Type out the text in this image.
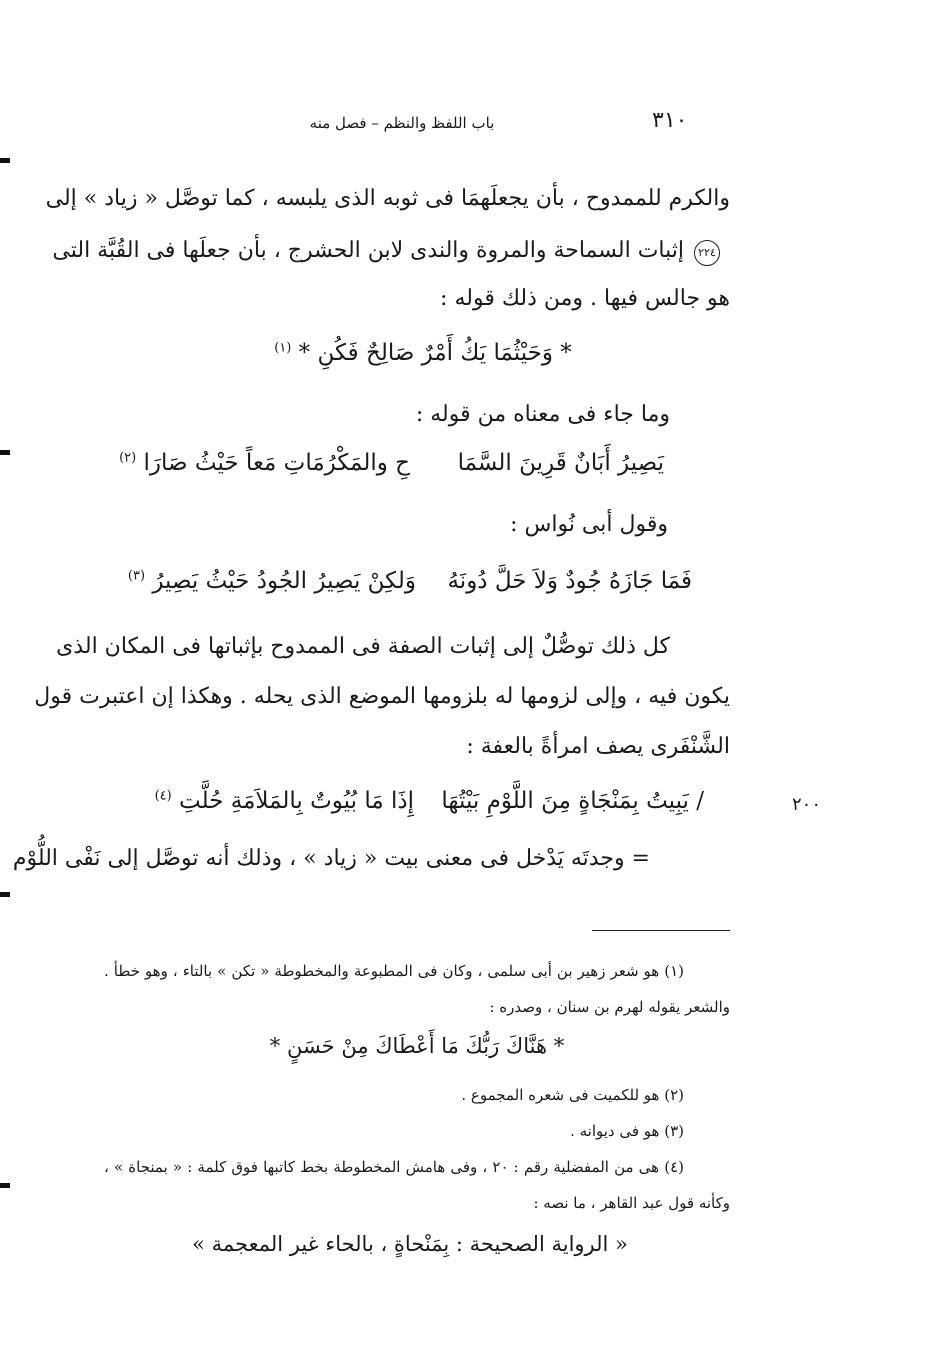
٣١٠
باب اللفظ والنظم – فصل منه
والكرم للممدوح ، بأن يجعلَهمَا فى ثوبه الذى يلبسه ، كما توصَّل « زياد » إلى
٢٢٤
إثبات السماحة والمروة والندى لابن الحشرج ، بأن جعلَها فى القُبَّة التى
هو جالس فيها . ومن ذلك قوله :
* وَحَيْثُمَا يَكُ أَمْرٌ صَالِحٌ فَكُنِ * $^{(١)}$
وما جاء فى معناه من قوله :
يَصِيرُ أَبَانٌ قَرِينَ السَّمَا
حِ والمَكْرُمَاتِ مَعاً حَيْثُ صَارَا $^{(٢)}$
وقول أبى نُواس :
فَمَا جَازَهُ جُودٌ وَلاَ حَلَّ دُونَهُ
وَلكِنْ يَصِيرُ الجُودُ حَيْثُ يَصِيرُ $^{(٣)}$
كل ذلك توصُّلٌ إلى إثبات الصفة فى الممدوح بإثباتها فى المكان الذى
يكون فيه ، وإلى لزومها له بلزومها الموضع الذى يحله . وهكذا إن اعتبرت قول
الشَّنْفَرى يصف امرأةً بالعفة :
٢٠٠
/ يَبِيتُ بِمَنْجَاةٍ مِنَ اللَّوْمِ بَيْتُهَا
إِذَا مَا بُيُوتٌ بِالمَلاَمَةِ حُلَّتِ $^{(٤)}$
= وجدتَه يَدْخل فى معنى بيت « زياد » ، وذلك أنه توصَّل إلى نَفْى اللُّوْم
(١) هو شعر زهير بن أبى سلمى ، وكان فى المطبوعة والمخطوطة « تكن » بالتاء ، وهو خطأ .
والشعر يقوله لهرم بن سنان ، وصدره :
* هَنَّاكَ رَبُّكَ مَا أَعْطَاكَ مِنْ حَسَنٍ *
(٢) هو للكميت فى شعره المجموع .
(٣) هو فى ديوانه .
(٤) هى من المفضلية رقم : ٢٠ ، وفى هامش المخطوطة بخط كاتبها فوق كلمة : « بمنجاة » ،
وكأنه قول عبد القاهر ، ما نصه :
« الرواية الصحيحة : بِمَنْحاةٍ ، بالحاء غير المعجمة »
